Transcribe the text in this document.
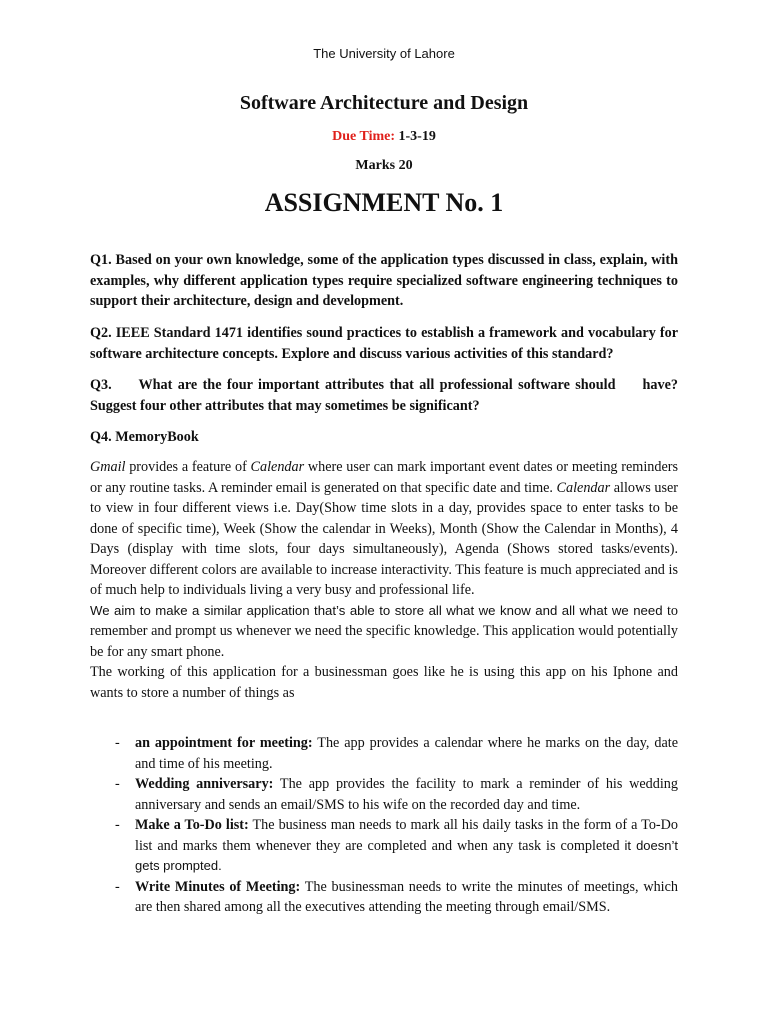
The University of Lahore
Software Architecture and Design
Due Time: 1-3-19
Marks 20
ASSIGNMENT No. 1
Q1. Based on your own knowledge, some of the application types discussed in class, explain, with examples, why different application types require specialized software engineering techniques to support their architecture, design and development.
Q2. IEEE Standard 1471 identifies sound practices to establish a framework and vocabulary for software architecture concepts. Explore and discuss various activities of this standard?
Q3.     What are the four important attributes that all professional software should     have? Suggest four other attributes that may sometimes be significant?
Q4. MemoryBook

Gmail provides a feature of Calendar where user can mark important event dates or meeting reminders or any routine tasks. A reminder email is generated on that specific date and time. Calendar allows user to view in four different views i.e. Day(Show time slots in a day, provides space to enter tasks to be done of specific time), Week (Show the calendar in Weeks), Month (Show the Calendar in Months), 4 Days (display with time slots, four days simultaneously), Agenda (Shows stored tasks/events). Moreover different colors are available to increase interactivity. This feature is much appreciated and is of much help to individuals living a very busy and professional life.

We aim to make a similar application that’s able to store all what we know and all what we need to remember and prompt us whenever we need the specific knowledge. This application would potentially be for any smart phone.

The working of this application for a businessman goes like he is using this app on his Iphone and wants to store a number of things as

- an appointment for meeting: The app provides a calendar where he marks on the day, date and time of his meeting.
- Wedding anniversary: The app provides the facility to mark a reminder of his wedding anniversary and sends an email/SMS to his wife on the recorded day and time.
- Make a To-Do list: The business man needs to mark all his daily tasks in the form of a To-Do list and marks them whenever they are completed and when any task is completed it doesn’t gets prompted.
- Write Minutes of Meeting: The businessman needs to write the minutes of meetings, which are then shared among all the executives attending the meeting through email/SMS.
